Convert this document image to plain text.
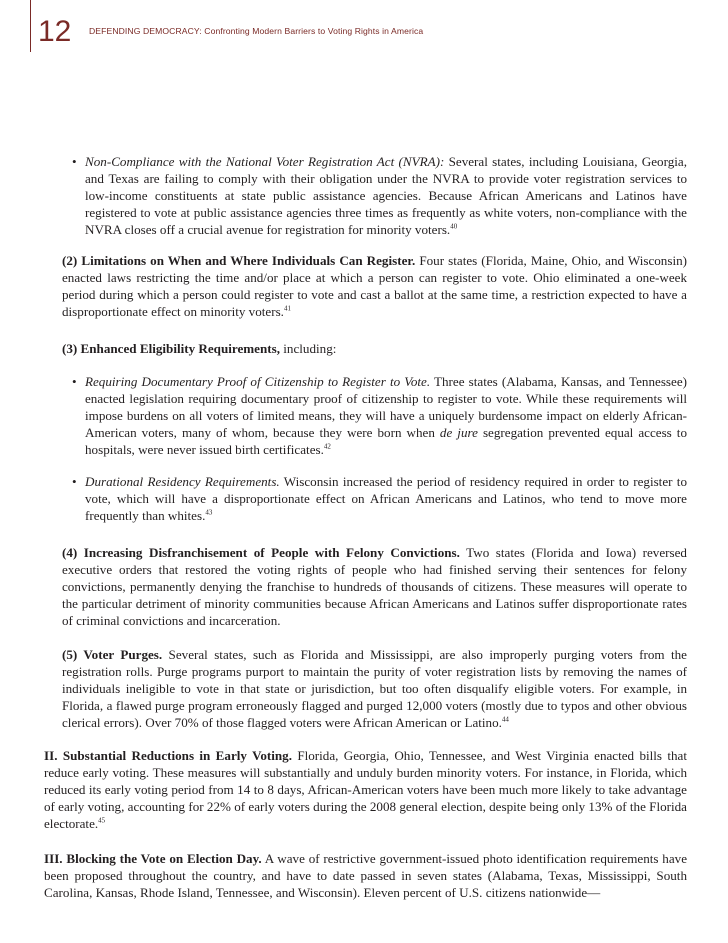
12 DEFENDING DEMOCRACY: Confronting Modern Barriers to Voting Rights in America

• Non-Compliance with the National Voter Registration Act (NVRA): Several states, including Louisiana, Georgia, and Texas are failing to comply with their obligation under the NVRA to provide voter registration services to low-income constituents at state public assistance agencies. Because African Americans and Latinos have registered to vote at public assistance agencies three times as frequently as white voters, non-compliance with the NVRA closes off a crucial avenue for registration for minority voters.$^{40}$

(2) Limitations on When and Where Individuals Can Register. Four states (Florida, Maine, Ohio, and Wisconsin) enacted laws restricting the time and/or place at which a person can register to vote. Ohio eliminated a one-week period during which a person could register to vote and cast a ballot at the same time, a restriction expected to have a disproportionate effect on minority voters.$^{41}$

(3) Enhanced Eligibility Requirements, including:

• Requiring Documentary Proof of Citizenship to Register to Vote. Three states (Alabama, Kansas, and Tennessee) enacted legislation requiring documentary proof of citizenship to register to vote. While these requirements will impose burdens on all voters of limited means, they will have a uniquely burdensome impact on elderly African-American voters, many of whom, because they were born when de jure segregation prevented equal access to hospitals, were never issued birth certificates.$^{42}$

• Durational Residency Requirements. Wisconsin increased the period of residency required in order to register to vote, which will have a disproportionate effect on African Americans and Latinos, who tend to move more frequently than whites.$^{43}$

(4) Increasing Disfranchisement of People with Felony Convictions. Two states (Florida and Iowa) reversed executive orders that restored the voting rights of people who had finished serving their sentences for felony convictions, permanently denying the franchise to hundreds of thousands of citizens. These measures will operate to the particular detriment of minority communities because African Americans and Latinos suffer disproportionate rates of criminal convictions and incarceration.

(5) Voter Purges. Several states, such as Florida and Mississippi, are also improperly purging voters from the registration rolls. Purge programs purport to maintain the purity of voter registration lists by removing the names of individuals ineligible to vote in that state or jurisdiction, but too often disqualify eligible voters. For example, in Florida, a flawed purge program erroneously flagged and purged 12,000 voters (mostly due to typos and other obvious clerical errors). Over 70% of those flagged voters were African American or Latino.$^{44}$

II. Substantial Reductions in Early Voting. Florida, Georgia, Ohio, Tennessee, and West Virginia enacted bills that reduce early voting. These measures will substantially and unduly burden minority voters. For instance, in Florida, which reduced its early voting period from 14 to 8 days, African-American voters have been much more likely to take advantage of early voting, accounting for 22% of early voters during the 2008 general election, despite being only 13% of the Florida electorate.$^{45}$

III. Blocking the Vote on Election Day. A wave of restrictive government-issued photo identification requirements have been proposed throughout the country, and have to date passed in seven states (Alabama, Texas, Mississippi, South Carolina, Kansas, Rhode Island, Tennessee, and Wisconsin). Eleven percent of U.S. citizens nationwide—
